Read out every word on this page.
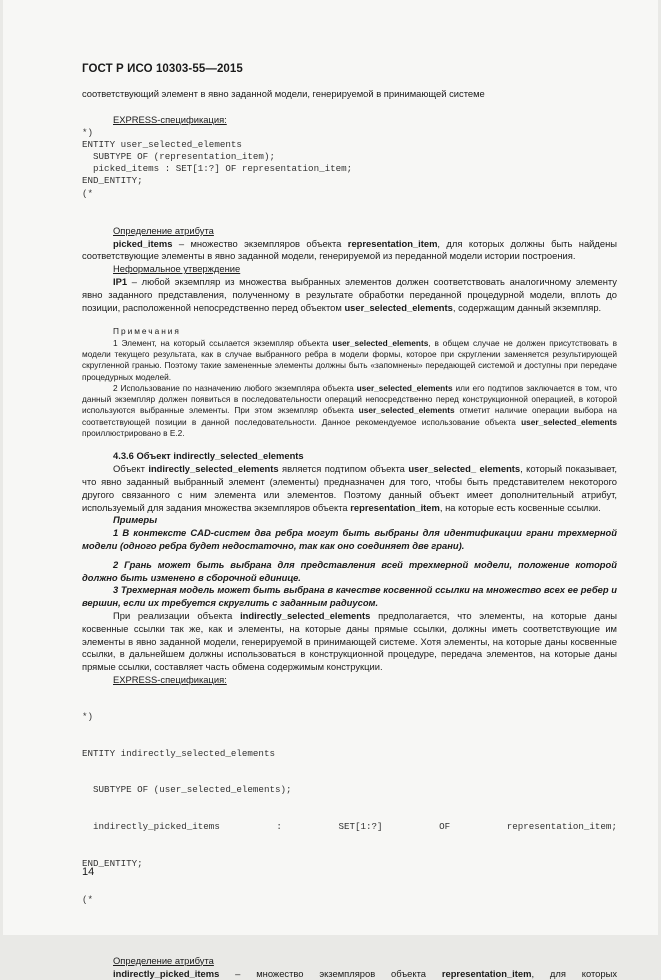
ГОСТ Р ИСО 10303-55—2015

соответствующий элемент в явно заданной модели, генерируемой в принимающей системе

EXPRESS-спецификация:

*)
ENTITY user_selected_elements
SUBTYPE OF (representation_item);
picked_items : SET[1:?] OF representation_item;
END_ENTITY;
(*

Определение атрибута

picked_items – множество экземпляров объекта representation_item, для которых должны быть найдены соответствующие элементы в явно заданной модели, генерируемой из переданной модели истории построения.

Неформальное утверждение

IP1 – любой экземпляр из множества выбранных элементов должен соответствовать аналогичному элементу явно заданного представления, полученному в результате обработки переданной процедурной модели, вплоть до позиции, расположенной непосредственно перед объектом user_selected_elements, содержащим данный экземпляр.

Примечания

1 Элемент, на который ссылается экземпляр объекта user_selected_elements, в общем случае не должен присутствовать в модели текущего результата, как в случае выбранного ребра в модели формы, которое при скруглении заменяется результирующей скругленной гранью. Поэтому такие замененные элементы должны быть «запомнены» передающей системой и доступны при передаче процедурных моделей.

2 Использование по назначению любого экземпляра объекта user_selected_elements или его подтипов заключается в том, что данный экземпляр должен появиться в последовательности операций непосредственно перед конструкционной операцией, в которой используются выбранные элементы. При этом экземпляр объекта user_selected_elements отметит наличие операции выбора на соответствующей позиции в данной последовательности. Данное рекомендуемое использование объекта user_selected_elements проиллюстрировано в Е.2.

4.3.6 Объект indirectly_selected_elements

Объект indirectly_selected_elements является подтипом объекта user_selected_ elements, который показывает, что явно заданный выбранный элемент (элементы) предназначен для того, чтобы быть представителем некоторого другого связанного с ним элемента или элементов. Поэтому данный объект имеет дополнительный атрибут, используемый для задания множества экземпляров объекта representation_item, на которые есть косвенные ссылки.

Примеры

1 В контексте CAD-систем два ребра могут быть выбраны для идентификации грани трехмерной модели (одного ребра будет недостаточно, так как оно соединяет две грани).

2 Грань может быть выбрана для представления всей трехмерной модели, положение которой должно быть изменено в сборочной единице.

3 Трехмерная модель может быть выбрана в качестве косвенной ссылки на множество всех ее ребер и вершин, если их требуется скруглить с заданным радиусом.

При реализации объекта indirectly_selected_elements предполагается, что элементы, на которые даны косвенные ссылки так же, как и элементы, на которые даны прямые ссылки, должны иметь соответствующие им элементы в явно заданной модели, генерируемой в принимающей системе. Хотя элементы, на которые даны косвенные ссылки, в дальнейшем должны использоваться в конструкционной процедуре, передача элементов, на которые даны прямые ссылки, составляет часть обмена содержимым конструкции.

EXPRESS-спецификация:

*)

ENTITY indirectly_selected_elements

SUBTYPE OF (user_selected_elements);

indirectly_picked_items	:	SET[1:?]	OF	representation_item;

END_ENTITY;

(*

Определение атрибута

indirectly_picked_items – множество экземпляров объекта representation_item, для которых

14
